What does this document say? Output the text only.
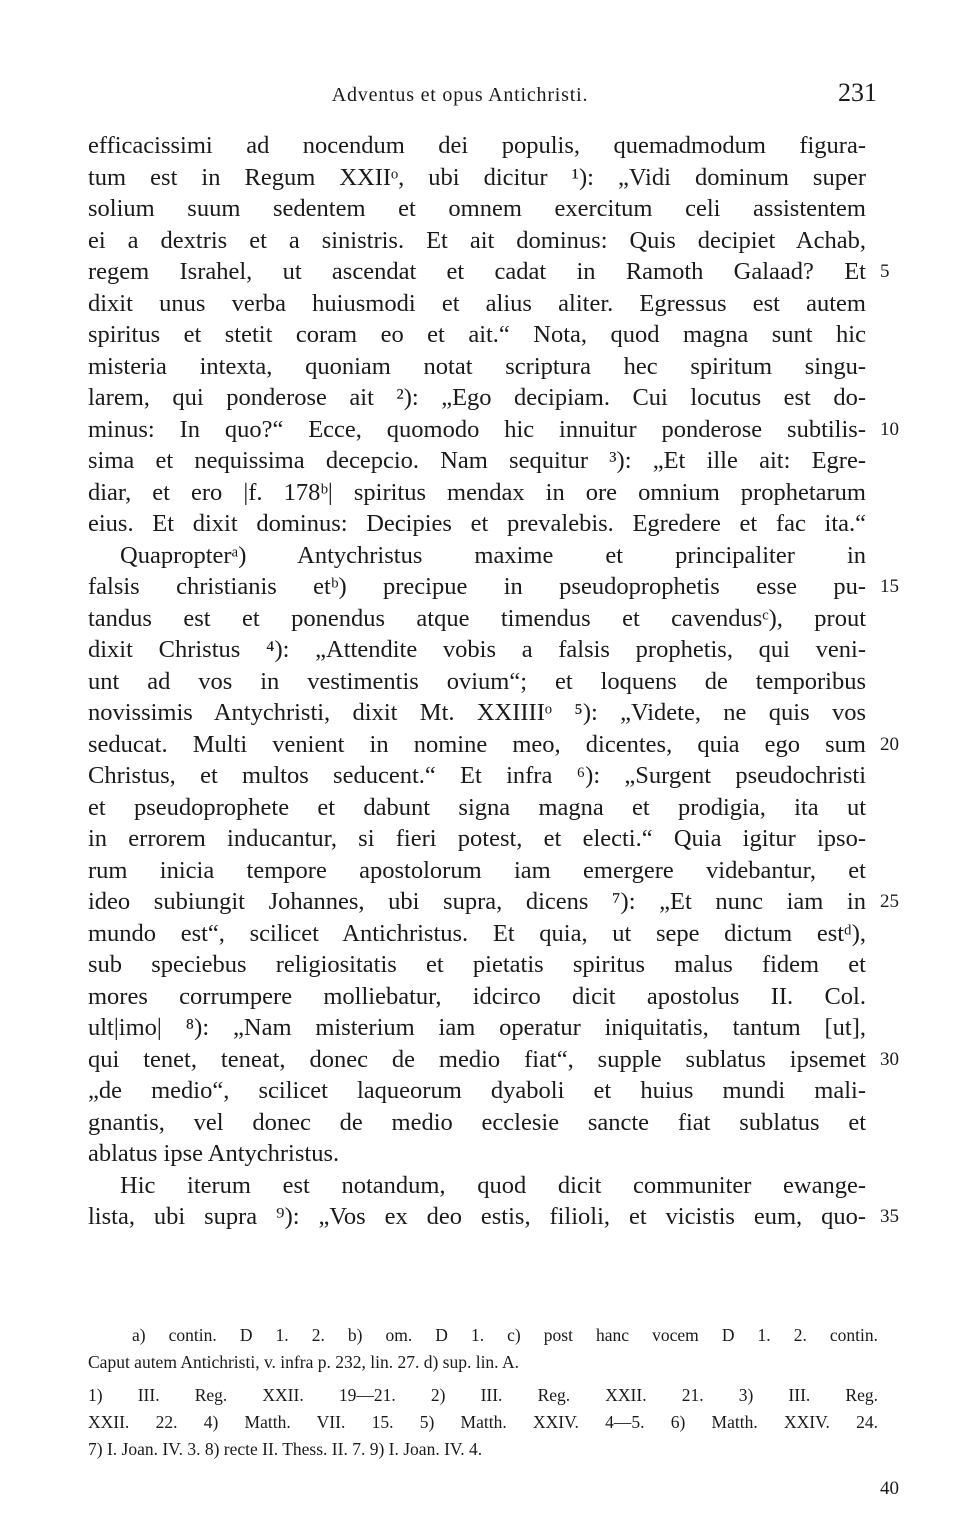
Adventus et opus Antichristi.	231
efficacissimi ad nocendum dei populis, quemadmodum figura-
tum est in Regum XXIIᵒ, ubi dicitur ¹): „Vidi dominum super
solium suum sedentem et omnem exercitum celi assistentem
ei a dextris et a sinistris. Et ait dominus: Quis decipiet Achab,
regem Israhel, ut ascendat et cadat in Ramoth Galaad? Et 5
dixit unus verba huiusmodi et alius aliter. Egressus est autem
spiritus et stetit coram eo et ait.“ Nota, quod magna sunt hic
misteria intexta, quoniam notat scriptura hec spiritum singu-
larem, qui ponderose ait ²): „Ego decipiam. Cui locutus est do-
minus: In quo?“ Ecce, quomodo hic innuitur ponderose subtilis- 10
sima et nequissima decepcio. Nam sequitur ³): „Et ille ait: Egre-
diar, et ero |f. 178ᵇ| spiritus mendax in ore omnium prophetarum
eius. Et dixit dominus: Decipies et prevalebis. Egredere et fac ita.“
Quapropterᵃ) Antychristus maxime et principaliter in
falsis christianis etᵇ) precipue in pseudoprophetis esse pu- 15
tandus est et ponendus atque timendus et cavendusᶜ), prout
dixit Christus ⁴): „Attendite vobis a falsis prophetis, qui veni-
unt ad vos in vestimentis ovium“; et loquens de temporibus
novissimis Antychristi, dixit Mt. XXIIIIᵒ ⁵): „Videte, ne quis vos
seducat. Multi venient in nomine meo, dicentes, quia ego sum 20
Christus, et multos seducent.“ Et infra ⁶): „Surgent pseudochristi
et pseudoprophete et dabunt signa magna et prodigia, ita ut
in errorem inducantur, si fieri potest, et electi.“ Quia igitur ipso-
rum inicia tempore apostolorum iam emergere videbantur, et
ideo subiungit Johannes, ubi supra, dicens ⁷): „Et nunc iam in 25
mundo est“, scilicet Antichristus. Et quia, ut sepe dictum estᵈ),
sub speciebus religiositatis et pietatis spiritus malus fidem et
mores corrumpere molliebatur, idcirco dicit apostolus II. Col.
ult|imo| ⁸): „Nam misterium iam operatur iniquitatis, tantum [ut],
qui tenet, teneat, donec de medio fiat“, supple sublatus ipsemet 30
„de medio“, scilicet laqueorum dyaboli et huius mundi mali-
gnantis, vel donec de medio ecclesie sancte fiat sublatus et
ablatus ipse Antychristus.
Hic iterum est notandum, quod dicit communiter ewange-
lista, ubi supra ⁹): „Vos ex deo estis, filioli, et vicistis eum, quo- 35
a) contin. D 1. 2. b) om. D 1. c) post hanc vocem D 1. 2. contin.
Caput autem Antichristi, v. infra p. 232, lin. 27. d) sup. lin. A.
1) III. Reg. XXII. 19—21. 2) III. Reg. XXII. 21. 3) III. Reg.
XXII. 22. 4) Matth. VII. 15. 5) Matth. XXIV. 4—5. 6) Matth. XXIV. 24.
7) I. Joan. IV. 3. 8) recte II. Thess. II. 7. 9) I. Joan. IV. 4.
40
